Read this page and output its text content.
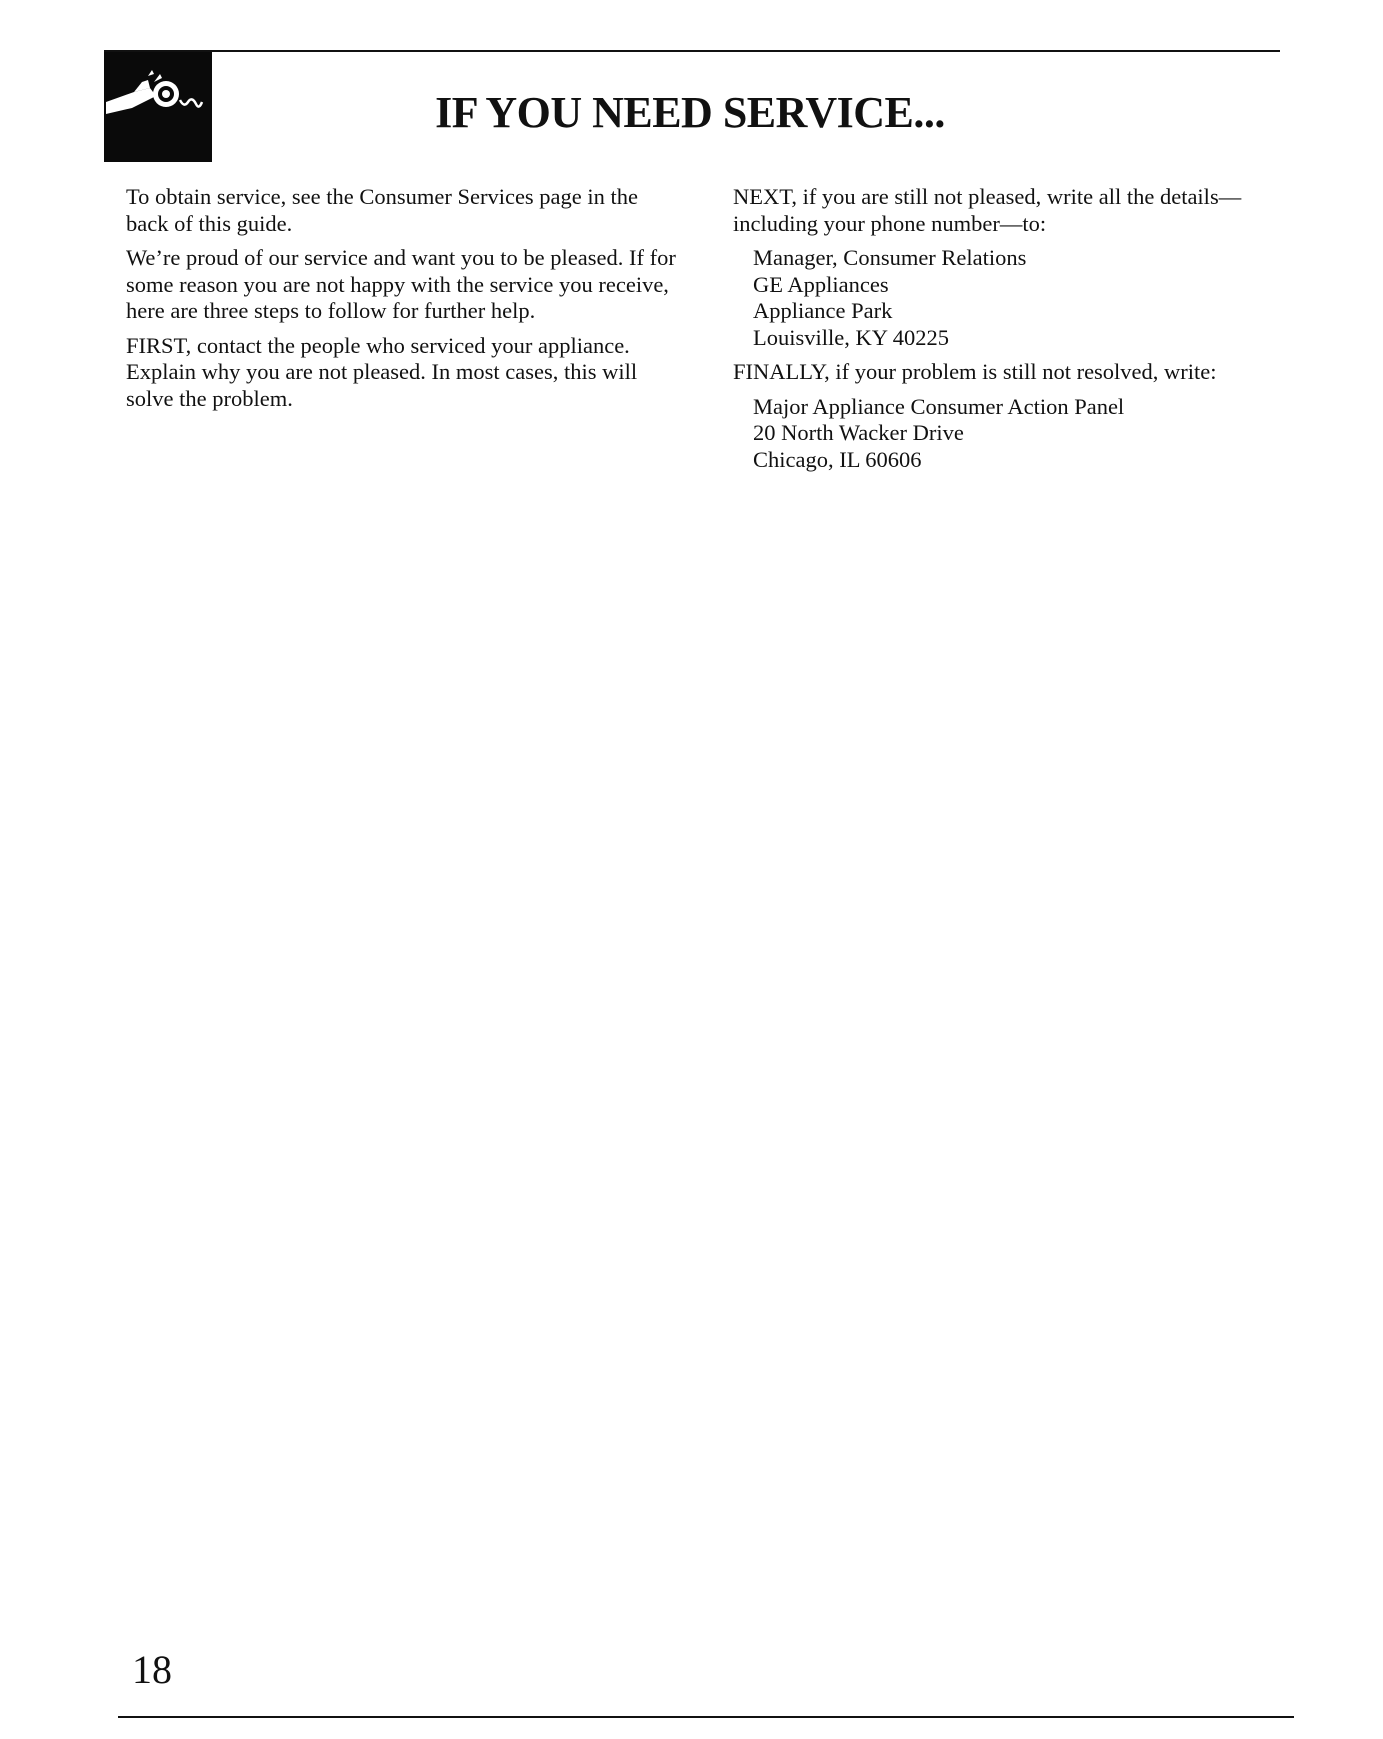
IF YOU NEED SERVICE...

To obtain service, see the Consumer Services page in the back of this guide.

We’re proud of our service and want you to be pleased. If for some reason you are not happy with the service you receive, here are three steps to follow for further help.

FIRST, contact the people who serviced your appliance. Explain why you are not pleased. In most cases, this will solve the problem.

NEXT, if you are still not pleased, write all the details—including your phone number—to:

Manager, Consumer Relations
GE Appliances
Appliance Park
Louisville, KY 40225

FINALLY, if your problem is still not resolved, write:

Major Appliance Consumer Action Panel
20 North Wacker Drive
Chicago, IL 60606
18
